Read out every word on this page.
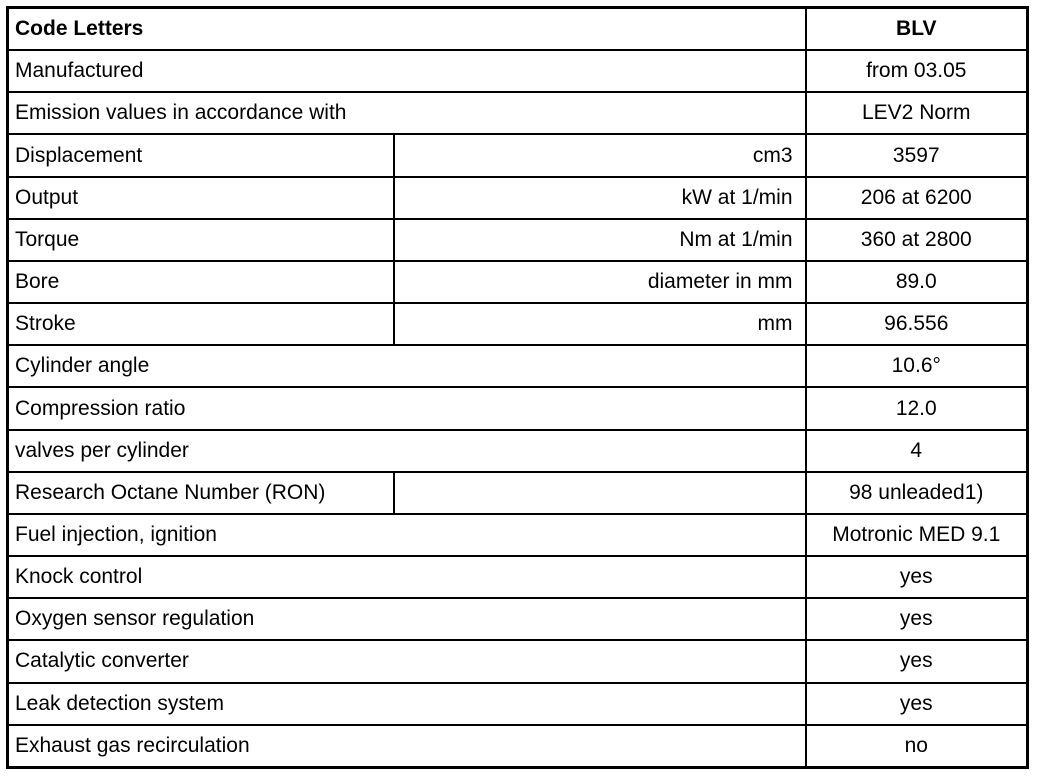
Code Letters		BLV
Manufactured		from 03.05
Emission values in accordance with		LEV2 Norm
Displacement	cm3	3597
Output	kW at 1/min	206 at 6200
Torque	Nm at 1/min	360 at 2800
Bore	diameter in mm	89.0
Stroke	mm	96.556
Cylinder angle		10.6°
Compression ratio		12.0
valves per cylinder		4
Research Octane Number (RON)		98 unleaded1)
Fuel injection, ignition		Motronic MED 9.1
Knock control		yes
Oxygen sensor regulation		yes
Catalytic converter		yes
Leak detection system		yes
Exhaust gas recirculation		no
